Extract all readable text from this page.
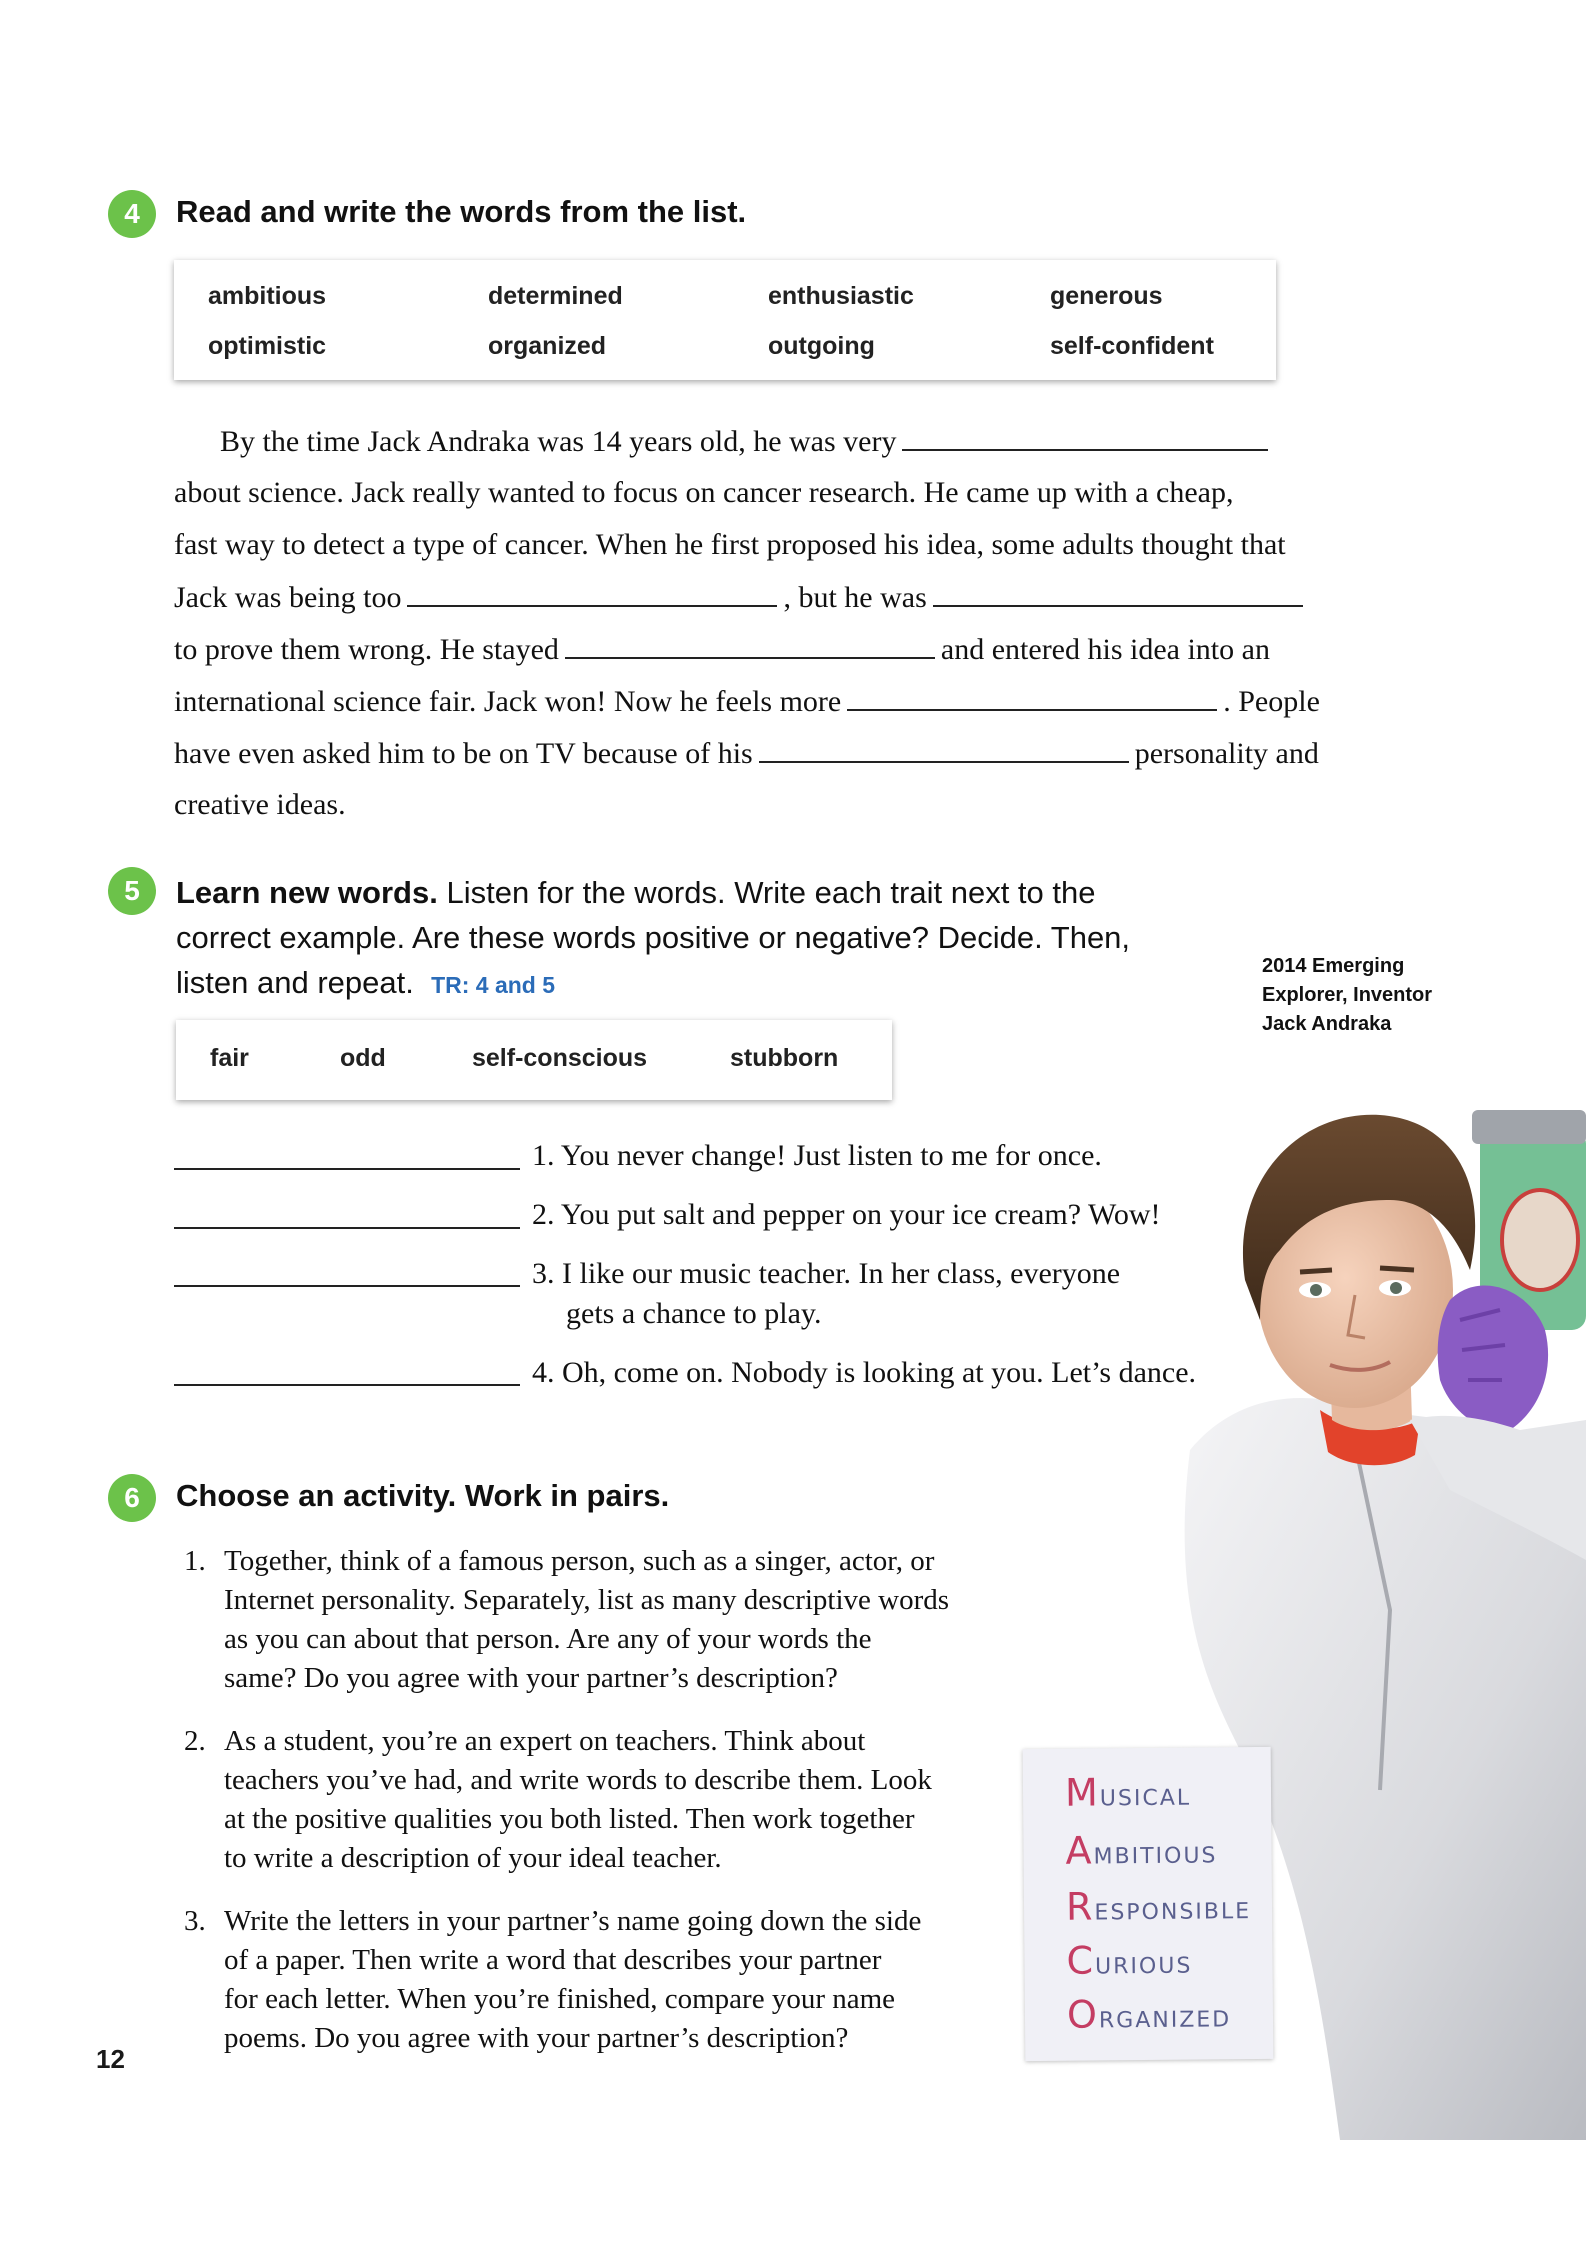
4	Read and write the words from the list.
ambitious	determined	enthusiastic	generous
optimistic	organized	outgoing	self-confident
By the time Jack Andraka was 14 years old, he was very
about science. Jack really wanted to focus on cancer research. He came up with a cheap,
fast way to detect a type of cancer. When he first proposed his idea, some adults thought that
Jack was being too	, but he was
to prove them wrong. He stayed	and entered his idea into an
international science fair. Jack won! Now he feels more	. People
have even asked him to be on TV because of his	personality and
creative ideas.
5	Learn new words. Listen for the words. Write each trait next to the
correct example. Are these words positive or negative? Decide. Then,
listen and repeat. TR: 4 and 5
2014 Emerging
Explorer, Inventor
Jack Andraka
fair	odd	self-conscious	stubborn
1. You never change! Just listen to me for once.
2. You put salt and pepper on your ice cream? Wow!
3. I like our music teacher. In her class, everyone
gets a chance to play.
4. Oh, come on. Nobody is looking at you. Let’s dance.
6	Choose an activity. Work in pairs.
1. Together, think of a famous person, such as a singer, actor, or
Internet personality. Separately, list as many descriptive words
as you can about that person. Are any of your words the
same? Do you agree with your partner’s description?
2. As a student, you’re an expert on teachers. Think about
teachers you’ve had, and write words to describe them. Look
at the positive qualities you both listed. Then work together
to write a description of your ideal teacher.
3. Write the letters in your partner’s name going down the side
of a paper. Then write a word that describes your partner
for each letter. When you’re finished, compare your name
poems. Do you agree with your partner’s description?
MUSICAL
AMBITIOUS
RESPONSIBLE
CURIOUS
ORGANIZED
12
